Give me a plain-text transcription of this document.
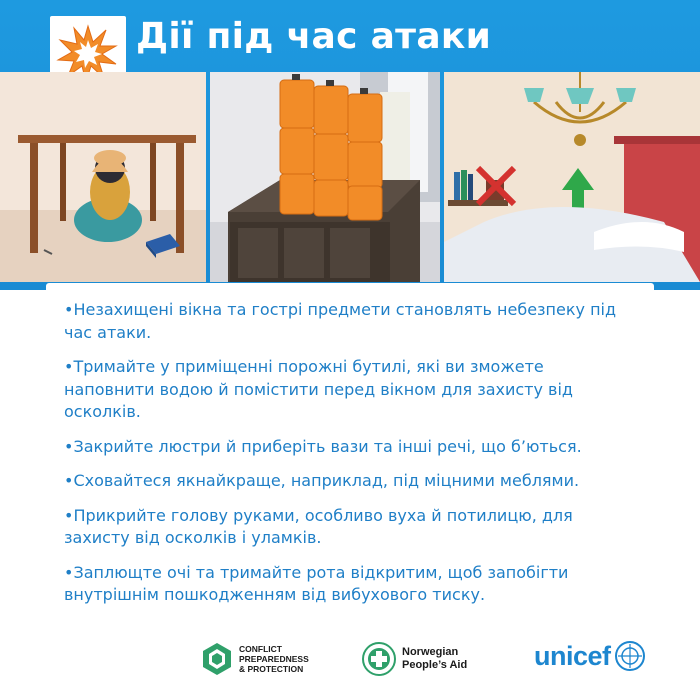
Дії під час атаки
•Незахищені вікна та гострі предмети становлять небезпеку під час атаки.
•Тримайте у приміщенні порожні бутилі, які ви зможете наповнити водою й помістити перед вікном для захисту від осколків.
•Закрийте люстри й приберіть вази та інші речі, що б’ються.
•Сховайтеся якнайкраще, наприклад, під міцними меблями.
•Прикрийте голову руками, особливо вуха й потилицю, для захисту від осколків і уламків.
•Заплющте очі та тримайте рота відкритим, щоб запобігти внутрішнім пошкодженням від вибухового тиску.
CONFLICT
PREPAREDNESS
& PROTECTION
Norwegian
People’s Aid unicef
